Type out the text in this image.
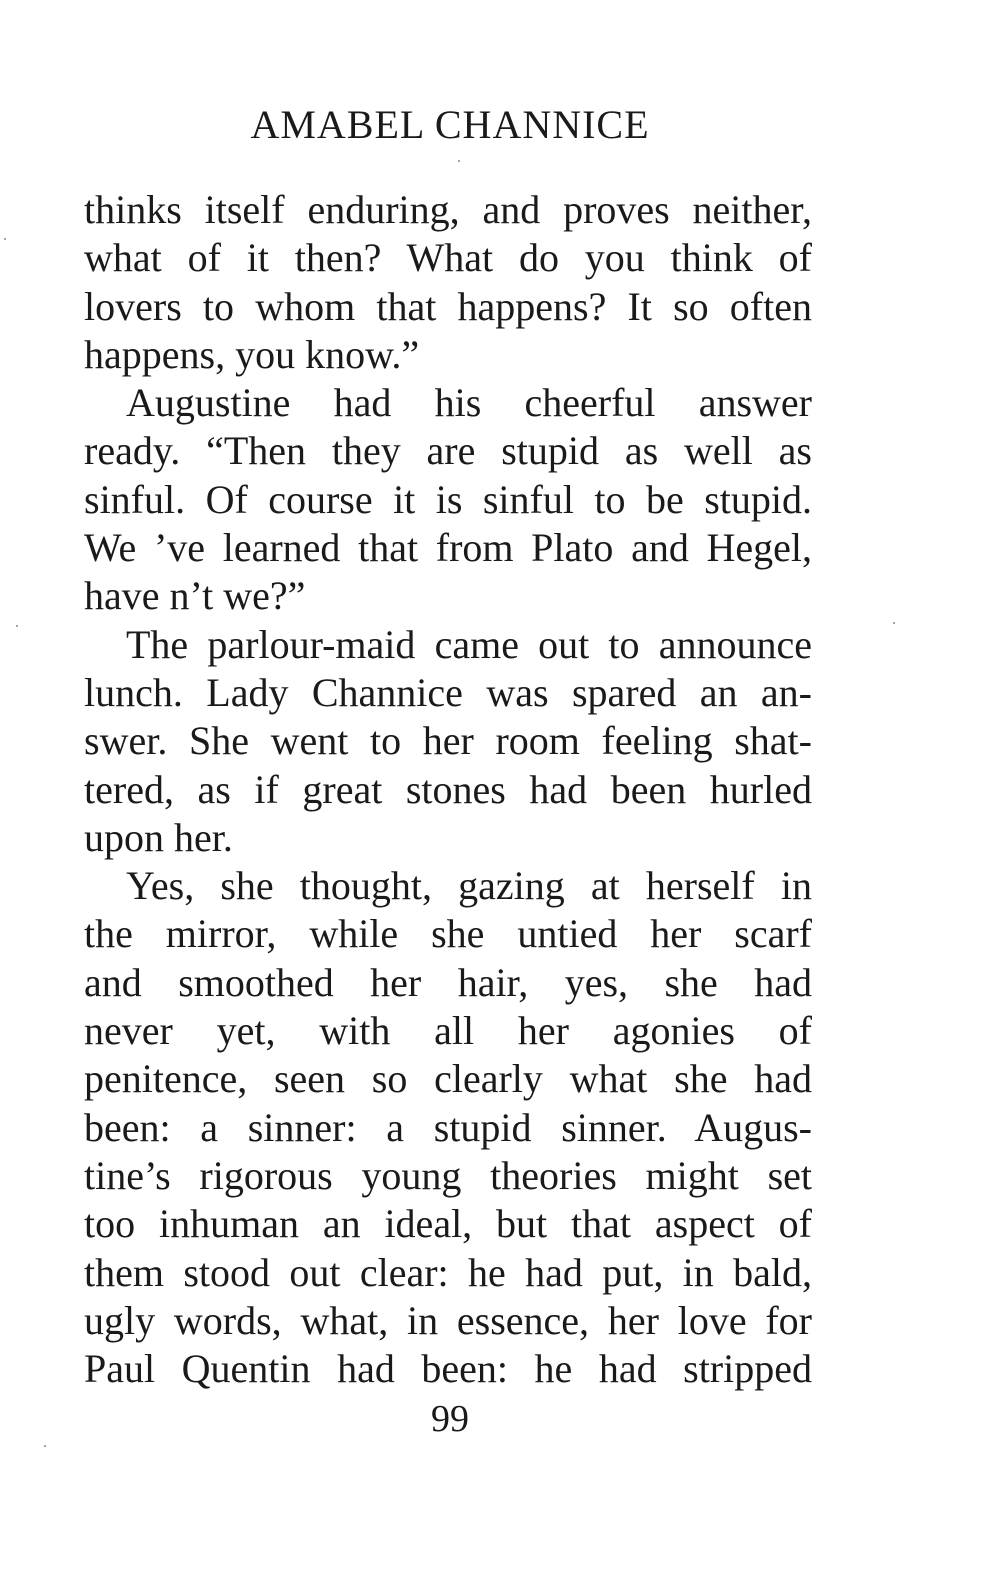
AMABEL CHANNICE
thinks itself enduring, and proves neither,
what of it then? What do you think of
lovers to whom that happens? It so often
happens, you know.”
Augustine had his cheerful answer
ready. “Then they are stupid as well as
sinful. Of course it is sinful to be stupid.
We ’ve learned that from Plato and Hegel,
have n’t we?”
The parlour-maid came out to announce
lunch. Lady Channice was spared an an-
swer. She went to her room feeling shat-
tered, as if great stones had been hurled
upon her.
Yes, she thought, gazing at herself in
the mirror, while she untied her scarf
and smoothed her hair, yes, she had
never yet, with all her agonies of
penitence, seen so clearly what she had
been: a sinner: a stupid sinner. Augus-
tine’s rigorous young theories might set
too inhuman an ideal, but that aspect of
them stood out clear: he had put, in bald,
ugly words, what, in essence, her love for
Paul Quentin had been: he had stripped
99
